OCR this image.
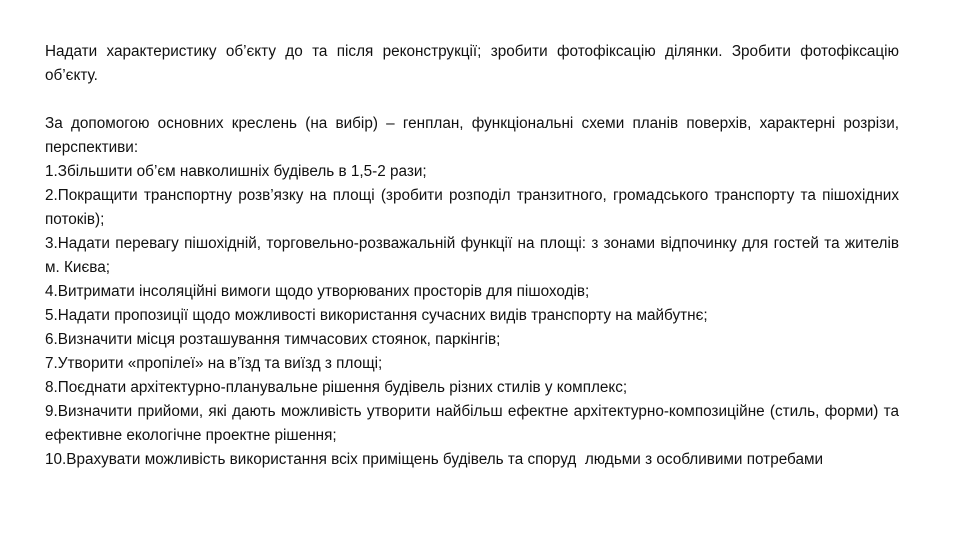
Надати характеристику об’єкту до та після реконструкції; зробити фотофіксацію ділянки. Зробити фотофіксацію об’єкту.

За допомогою основних креслень (на вибір) – генплан, функціональні схеми планів поверхів, характерні розрізи, перспективи:

1.Збільшити об’єм навколишніх будівель в 1,5-2 рази;
2.Покращити транспортну розв’язку на площі (зробити розподіл транзитного, громадського транспорту та пішохідних потоків);
3.Надати перевагу пішохідній, торговельно-розважальній функції на площі: з зонами відпочинку для гостей та жителів м. Києва;
4.Витримати інсоляційні вимоги щодо утворюваних просторів для пішоходів;
5.Надати пропозиції щодо можливості використання сучасних видів транспорту на майбутнє;
6.Визначити місця розташування тимчасових стоянок, паркінгів;
7.Утворити «пропілеї» на в’їзд та виїзд з площі;
8.Поєднати архітектурно-планувальне рішення будівель різних стилів у комплекс;
9.Визначити прийоми, які дають можливість утворити найбільш ефектне архітектурно-композиційне (стиль, форми) та ефективне екологічне проектне рішення;
10.Врахувати можливість використання всіх приміщень будівель та споруд  людьми з особливими потребами
